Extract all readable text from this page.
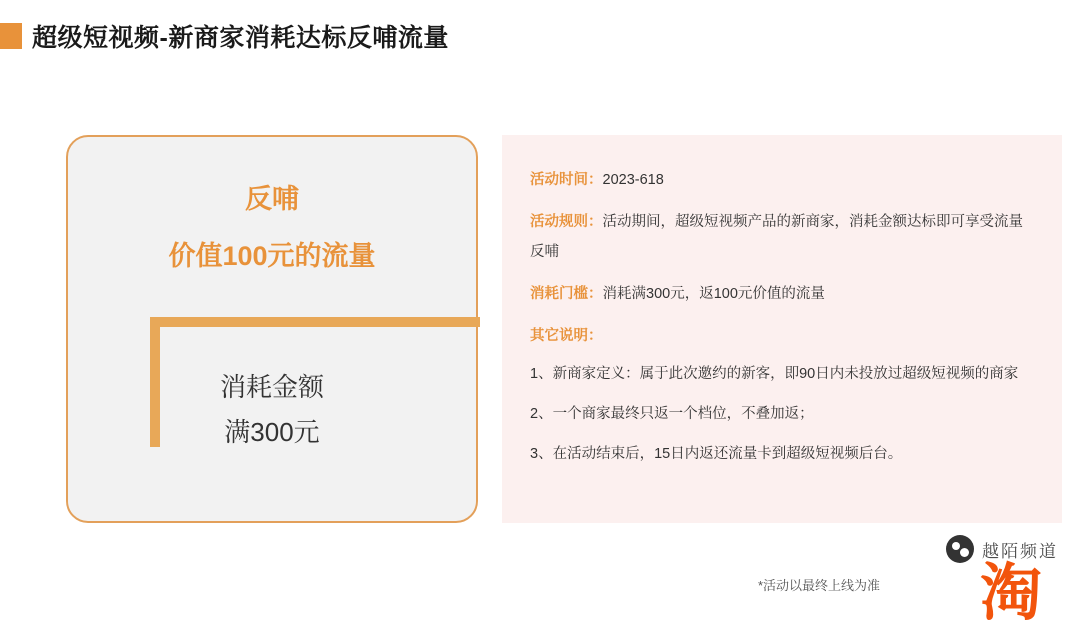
超级短视频-新商家消耗达标反哺流量
反哺
价值100元的流量
消耗金额
满300元
活动时间：2023-618
活动规则：活动期间，超级短视频产品的新商家，消耗金额达标即可享受流量反哺
消耗门槛：消耗满300元，返100元价值的流量
其它说明：
1、新商家定义：属于此次邀约的新客，即90日内未投放过超级短视频的商家
2、一个商家最终只返一个档位，不叠加返；
3、在活动结束后，15日内返还流量卡到超级短视频后台。
*活动以最终上线为准
越陌频道
淘
